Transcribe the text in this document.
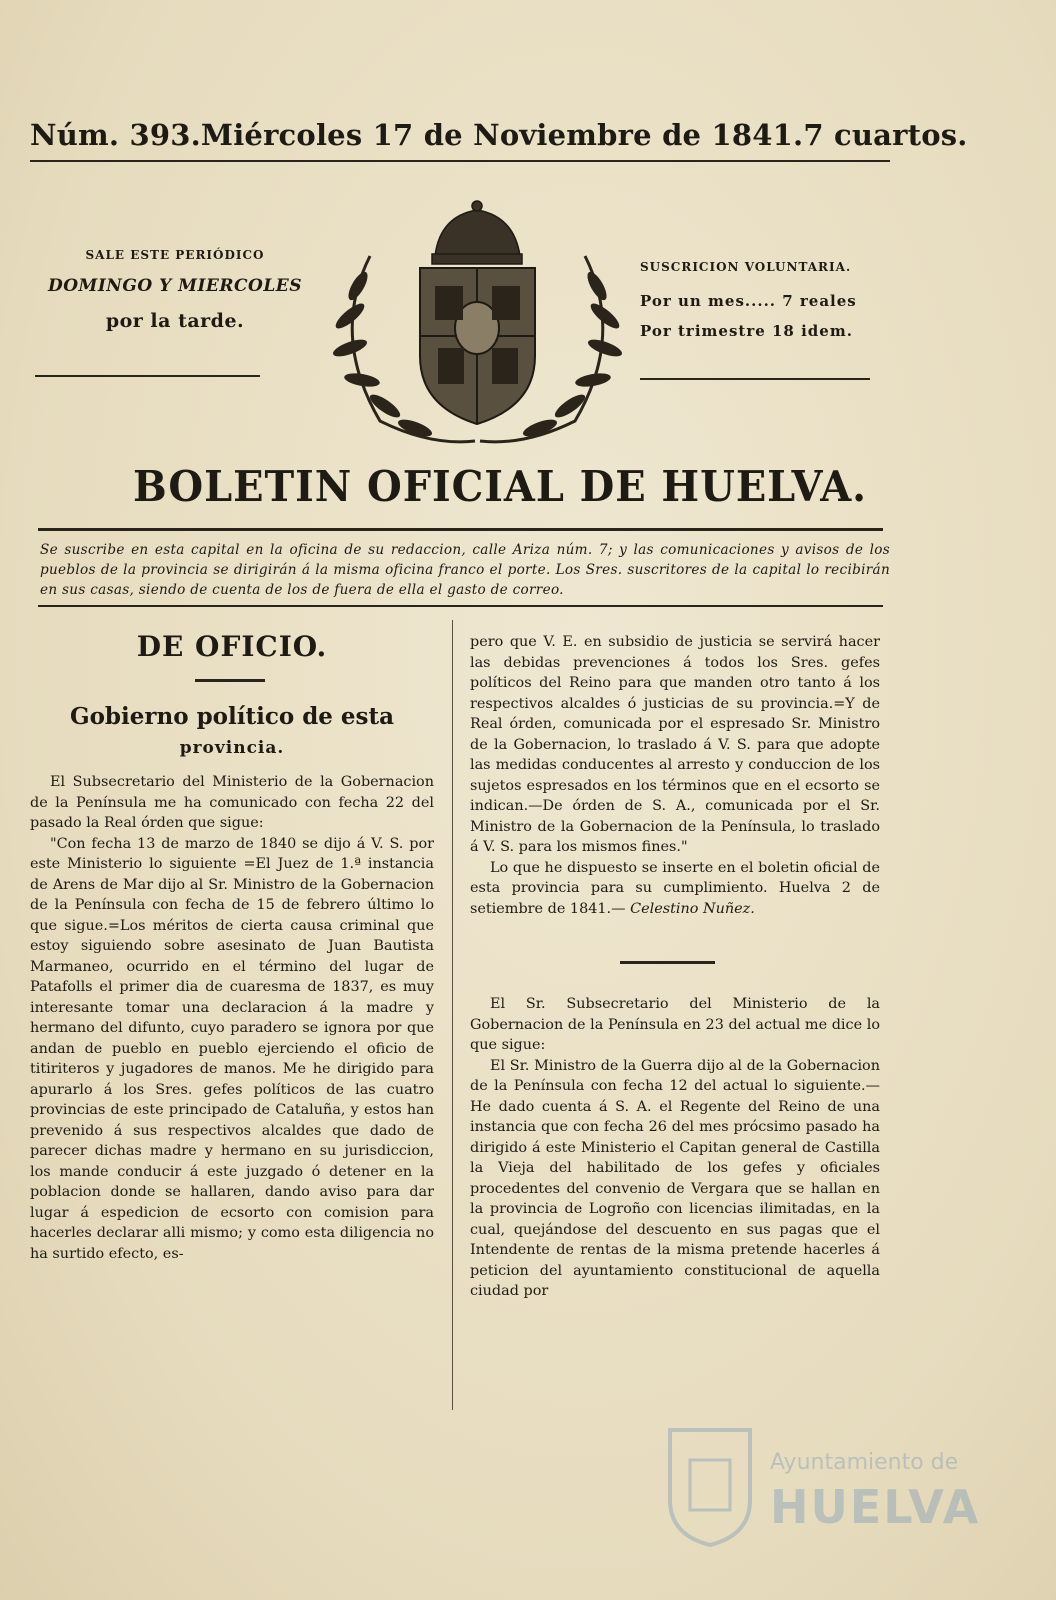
Núm. 393. Miércoles 17 de Noviembre de 1841. 7 cuartos.
SALE ESTE PERIÓDICO
DOMINGO Y MIERCOLES
por la tarde.
SUSCRICION VOLUNTARIA.
Por un mes..... 7 reales
Por trimestre 18 idem.
BOLETIN OFICIAL DE HUELVA.
Se suscribe en esta capital en la oficina de su redaccion, calle Ariza núm. 7; y las comunicaciones y avisos de los pueblos de la provincia se dirigirán á la misma oficina franco el porte. Los Sres. suscritores de la capital lo recibirán en sus casas, siendo de cuenta de los de fuera de ella el gasto de correo.
DE OFICIO.
Gobierno político de esta
provincia.

El Subsecretario del Ministerio de la Gobernacion de la Península me ha comunicado con fecha 22 del pasado la Real órden que sigue:

"Con fecha 13 de marzo de 1840 se dijo á V. S. por este Ministerio lo siguiente =El Juez de 1.ª instancia de Arens de Mar dijo al Sr. Ministro de la Gobernacion de la Península con fecha de 15 de febrero último lo que sigue.=Los méritos de cierta causa criminal que estoy siguiendo sobre asesinato de Juan Bautista Marmaneo, ocurrido en el término del lugar de Patafolls el primer dia de cuaresma de 1837, es muy interesante tomar una declaracion á la madre y hermano del difunto, cuyo paradero se ignora por que andan de pueblo en pueblo ejerciendo el oficio de titiriteros y jugadores de manos. Me he dirigido para apurarlo á los Sres. gefes políticos de las cuatro provincias de este principado de Cataluña, y estos han prevenido á sus respectivos alcaldes que dado de parecer dichas madre y hermano en su jurisdiccion, los mande conducir á este juzgado ó detener en la poblacion donde se hallaren, dando aviso para dar lugar á espedicion de ecsorto con comision para hacerles declarar alli mismo; y como esta diligencia no ha surtido efecto, es-

pero que V. E. en subsidio de justicia se servirá hacer las debidas prevenciones á todos los Sres. gefes políticos del Reino para que manden otro tanto á los respectivos alcaldes ó justicias de su provincia.=Y de Real órden, comunicada por el espresado Sr. Ministro de la Gobernacion, lo traslado á V. S. para que adopte las medidas conducentes al arresto y conduccion de los sujetos espresados en los términos que en el ecsorto se indican.—De órden de S. A., comunicada por el Sr. Ministro de la Gobernacion de la Península, lo traslado á V. S. para los mismos fines."

Lo que he dispuesto se inserte en el boletin oficial de esta provincia para su cumplimiento. Huelva 2 de setiembre de 1841.— Celestino Nuñez.

El Sr. Subsecretario del Ministerio de la Gobernacion de la Península en 23 del actual me dice lo que sigue:

El Sr. Ministro de la Guerra dijo al de la Gobernacion de la Península con fecha 12 del actual lo siguiente.—He dado cuenta á S. A. el Regente del Reino de una instancia que con fecha 26 del mes prócsimo pasado ha dirigido á este Ministerio el Capitan general de Castilla la Vieja del habilitado de los gefes y oficiales procedentes del convenio de Vergara que se hallan en la provincia de Logroño con licencias ilimitadas, en la cual, quejándose del descuento en sus pagas que el Intendente de rentas de la misma pretende hacerles á peticion del ayuntamiento constitucional de aquella ciudad por

Ayuntamiento de
HUELVA
